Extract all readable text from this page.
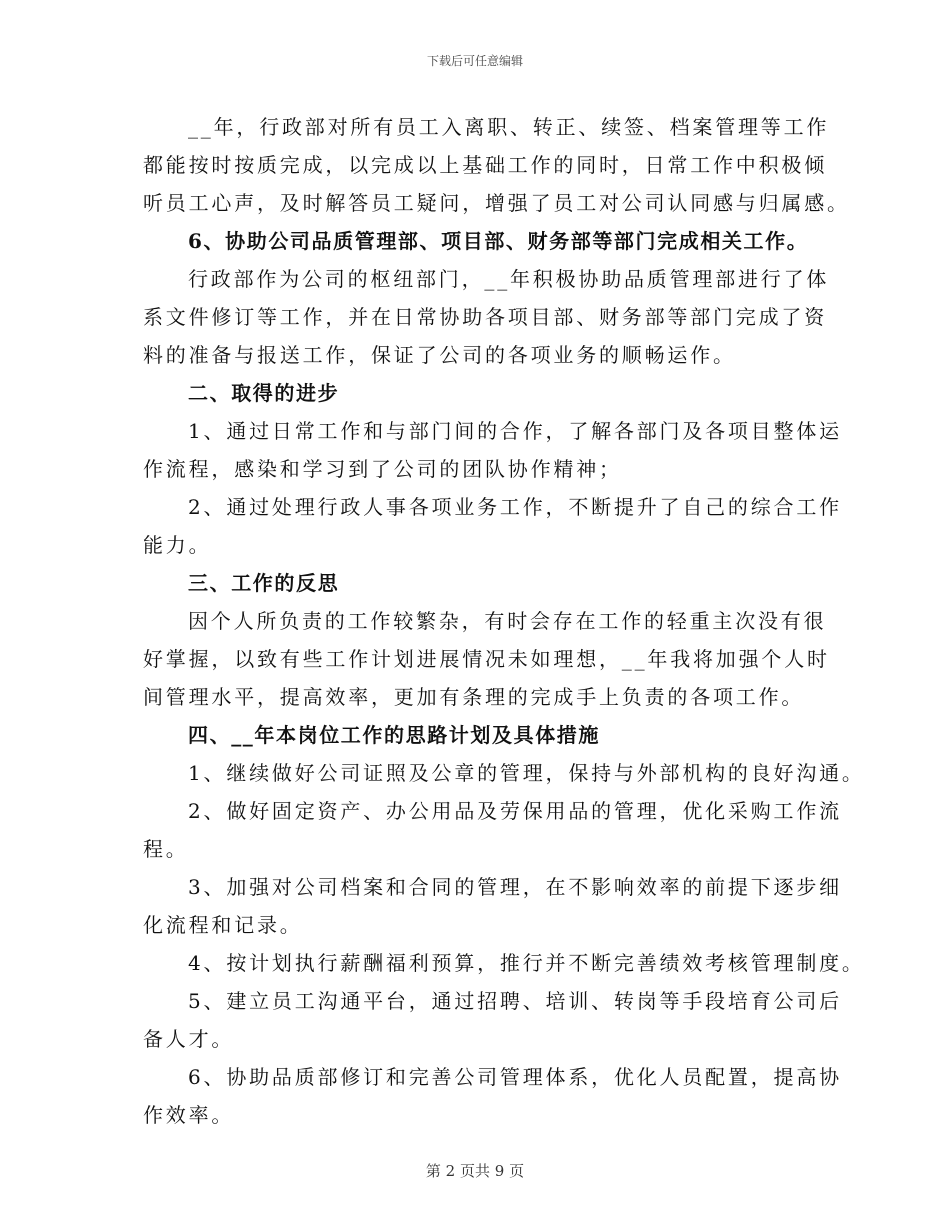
下载后可任意编辑
__年，行政部对所有员工入离职、转正、续签、档案管理等工作
都能按时按质完成，以完成以上基础工作的同时，日常工作中积极倾
听员工心声，及时解答员工疑问，增强了员工对公司认同感与归属感。
6、协助公司品质管理部、项目部、财务部等部门完成相关工作。
行政部作为公司的枢纽部门，__年积极协助品质管理部进行了体
系文件修订等工作，并在日常协助各项目部、财务部等部门完成了资
料的准备与报送工作，保证了公司的各项业务的顺畅运作。
二、取得的进步
1、通过日常工作和与部门间的合作，了解各部门及各项目整体运
作流程，感染和学习到了公司的团队协作精神；
2、通过处理行政人事各项业务工作，不断提升了自己的综合工作
能力。
三、工作的反思
因个人所负责的工作较繁杂，有时会存在工作的轻重主次没有很
好掌握，以致有些工作计划进展情况未如理想，__年我将加强个人时
间管理水平，提高效率，更加有条理的完成手上负责的各项工作。
四、__年本岗位工作的思路计划及具体措施
1、继续做好公司证照及公章的管理，保持与外部机构的良好沟通。
2、做好固定资产、办公用品及劳保用品的管理，优化采购工作流
程。
3、加强对公司档案和合同的管理，在不影响效率的前提下逐步细
化流程和记录。
4、按计划执行薪酬福利预算，推行并不断完善绩效考核管理制度。
5、建立员工沟通平台，通过招聘、培训、转岗等手段培育公司后
备人才。
6、协助品质部修订和完善公司管理体系，优化人员配置，提高协
作效率。
第 2 页共 9 页
